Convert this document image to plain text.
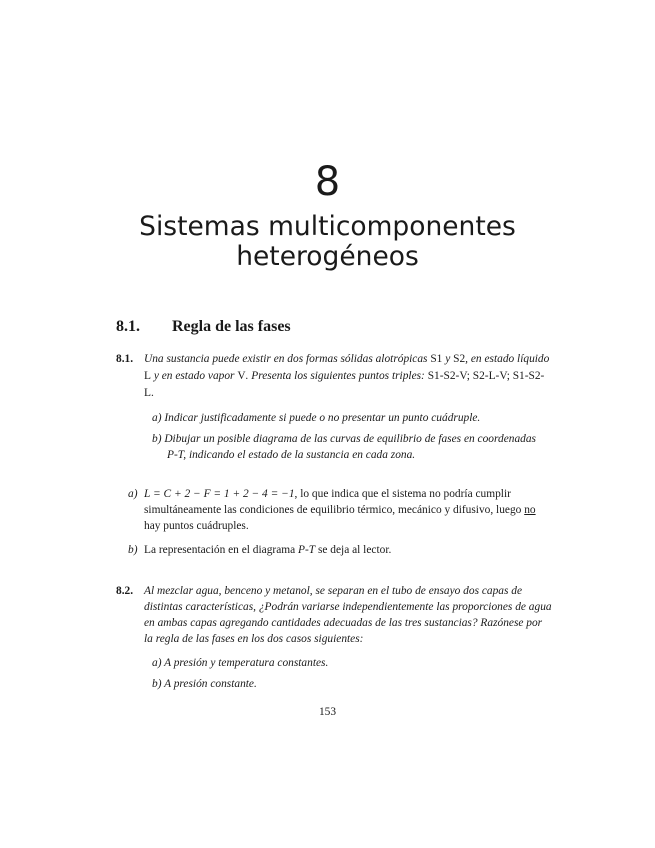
8
Sistemas multicomponentes
heterogéneos
8.1. Regla de las fases
8.1. Una sustancia puede existir en dos formas sólidas alotrópicas S1 y S2, en estado líquido
L y en estado vapor V. Presenta los siguientes puntos triples: S1-S2-V; S2-L-V; S1-S2-
L.
a) Indicar justificadamente si puede o no presentar un punto cuádruple.
b) Dibujar un posible diagrama de las curvas de equilibrio de fases en coordenadas
P-T, indicando el estado de la sustancia en cada zona.
a) L = C + 2 − F = 1 + 2 − 4 = −1, lo que indica que el sistema no podría cumplir
simultáneamente las condiciones de equilibrio térmico, mecánico y difusivo, luego no
hay puntos cuádruples.
b) La representación en el diagrama P-T se deja al lector.
8.2. Al mezclar agua, benceno y metanol, se separan en el tubo de ensayo dos capas de
distintas características, ¿Podrán variarse independientemente las proporciones de agua
en ambas capas agregando cantidades adecuadas de las tres sustancias? Razónese por
la regla de las fases en los dos casos siguientes:
a) A presión y temperatura constantes.
b) A presión constante.
153
